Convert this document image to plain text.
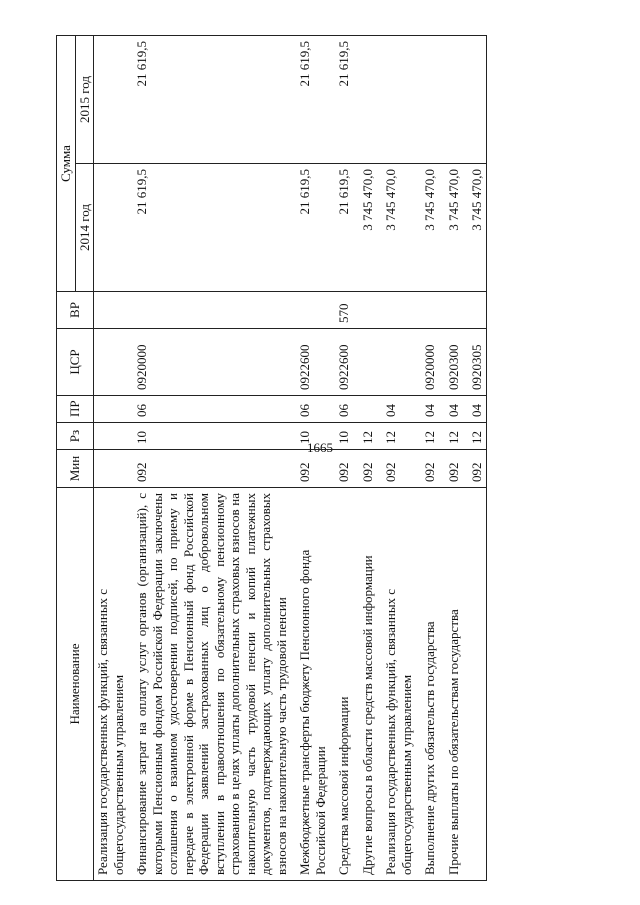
1665
Наименование	Мин	Рз	ПР	ЦСР	ВР	Сумма	
						2014 год	2015 год
Реализация государственных функций, связанных с общегосударственным управлением							
Финансирование затрат на оплату услуг органов (организаций), с которыми Пенсионным фондом Российской Федерации заключены соглашения о взаимном удостоверении подписей, по приему и передаче в электронной форме в Пенсионный фонд Российской Федерации заявлений застрахованных лиц о добровольном вступлении в правоотношения по обязательному пенсионному страхованию в целях уплаты дополнительных страховых взносов на накопительную часть трудовой пенсии и копий платежных документов, подтверждающих уплату дополнительных страховых взносов на накопительную часть трудовой пенсии	092	10	06	0920000		21 619,5	21 619,5
Межбюджетные трансферты бюджету Пенсионного фонда Российской Федерации	092	10	06	0922600		21 619,5	21 619,5
Средства массовой информации	092	10	06	0922600	570	21 619,5	21 619,5
Другие вопросы в области средств массовой информации	092	12				3 745 470,0	
Реализация государственных функций, связанных с общегосударственным управлением	092	12	04			3 745 470,0	
Выполнение других обязательств государства	092	12	04	0920000		3 745 470,0	
Прочие выплаты по обязательствам государства	092	12	04	0920300		3 745 470,0	
	092	12	04	0920305		3 745 470,0	
